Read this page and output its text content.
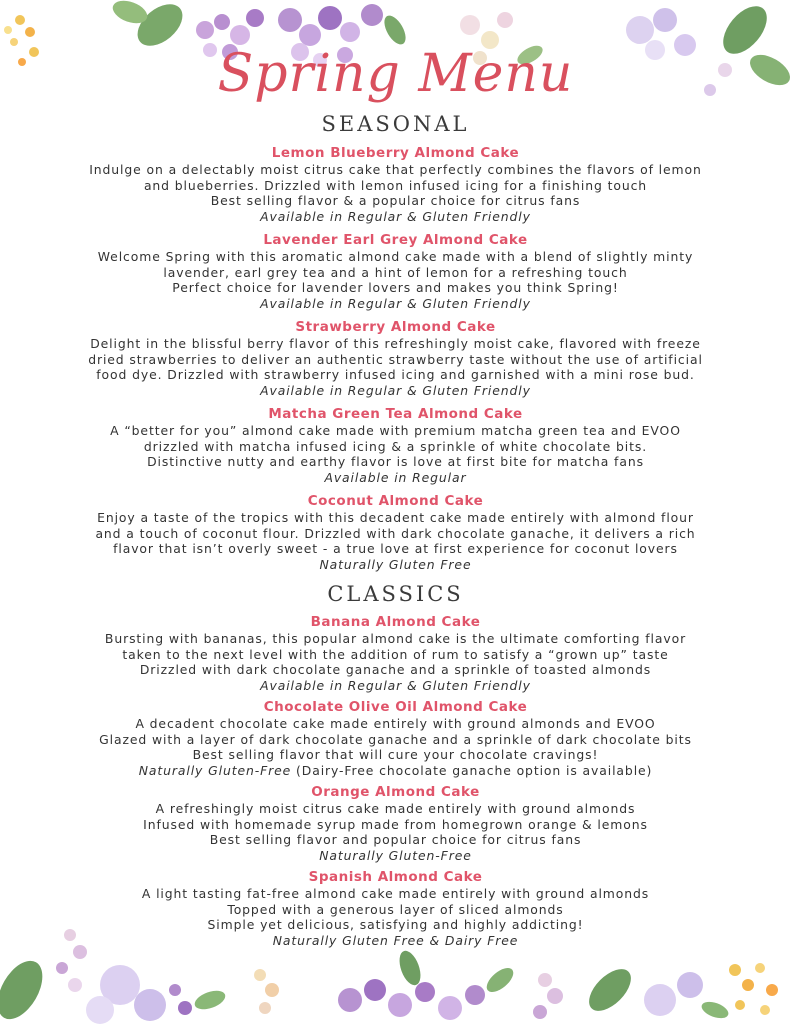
Spring Menu
SEASONAL
Lemon Blueberry Almond Cake
Indulge on a delectably moist citrus cake that perfectly combines the flavors of lemon
and blueberries. Drizzled with lemon infused icing for a finishing touch
Best selling flavor & a popular choice for citrus fans
Available in Regular & Gluten Friendly
Lavender Earl Grey Almond Cake
Welcome Spring with this aromatic almond cake made with a blend of slightly minty
lavender, earl grey tea and a hint of lemon for a refreshing touch
Perfect choice for lavender lovers and makes you think Spring!
Available in Regular & Gluten Friendly
Strawberry Almond Cake
Delight in the blissful berry flavor of this refreshingly moist cake, flavored with freeze
dried strawberries to deliver an authentic strawberry taste without the use of artificial
food dye. Drizzled with strawberry infused icing and garnished with a mini rose bud.
Available in Regular & Gluten Friendly
Matcha Green Tea Almond Cake
A “better for you” almond cake made with premium matcha green tea and EVOO
drizzled with matcha infused icing & a sprinkle of white chocolate bits.
Distinctive nutty and earthy flavor is love at first bite for matcha fans
Available in Regular
Coconut Almond Cake
Enjoy a taste of the tropics with this decadent cake made entirely with almond flour
and a touch of coconut flour. Drizzled with dark chocolate ganache, it delivers a rich
flavor that isn’t overly sweet - a true love at first experience for coconut lovers
Naturally Gluten Free
CLASSICS
Banana Almond Cake
Bursting with bananas, this popular almond cake is the ultimate comforting flavor
taken to the next level with the addition of rum to satisfy a “grown up” taste
Drizzled with dark chocolate ganache and a sprinkle of toasted almonds
Available in Regular & Gluten Friendly
Chocolate Olive Oil Almond Cake
A decadent chocolate cake made entirely with ground almonds and EVOO
Glazed with a layer of dark chocolate ganache and a sprinkle of dark chocolate bits
Best selling flavor that will cure your chocolate cravings!
Naturally Gluten-Free (Dairy-Free chocolate ganache option is available)
Orange Almond Cake
A refreshingly moist citrus cake made entirely with ground almonds
Infused with homemade syrup made from homegrown orange & lemons
Best selling flavor and popular choice for citrus fans
Naturally Gluten-Free
Spanish Almond Cake
A light tasting fat-free almond cake made entirely with ground almonds
Topped with a generous layer of sliced almonds
Simple yet delicious, satisfying and highly addicting!
Naturally Gluten Free & Dairy Free
